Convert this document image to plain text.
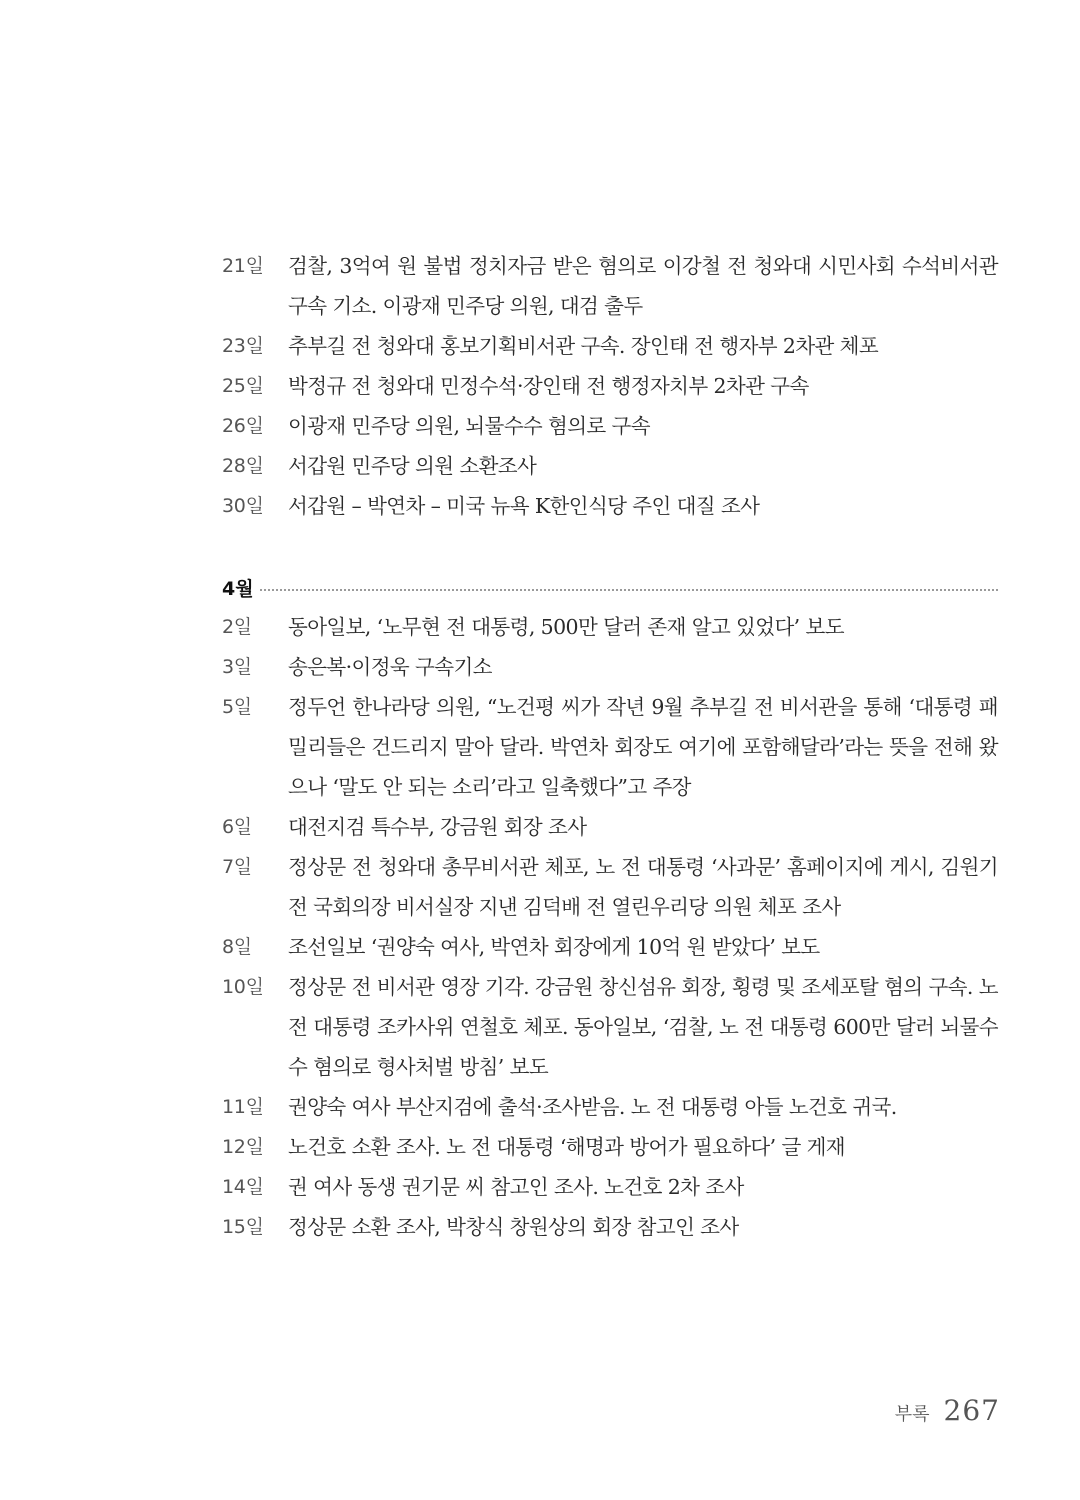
21일	검찰, 3억여 원 불법 정치자금 받은 혐의로 이강철 전 청와대 시민사회 수석비서관 구속 기소. 이광재 민주당 의원, 대검 출두
23일	추부길 전 청와대 홍보기획비서관 구속. 장인태 전 행자부 2차관 체포
25일	박정규 전 청와대 민정수석·장인태 전 행정자치부 2차관 구속
26일	이광재 민주당 의원, 뇌물수수 혐의로 구속
28일	서갑원 민주당 의원 소환조사
30일	서갑원 – 박연차 – 미국 뉴욕 K한인식당 주인 대질 조사
4월
2일	동아일보, ‘노무현 전 대통령, 500만 달러 존재 알고 있었다’ 보도
3일	송은복·이정욱 구속기소
5일	정두언 한나라당 의원, “노건평 씨가 작년 9월 추부길 전 비서관을 통해 ‘대통령 패밀리들은 건드리지 말아 달라. 박연차 회장도 여기에 포함해달라’라는 뜻을 전해 왔으나 ‘말도 안 되는 소리’라고 일축했다”고 주장
6일	대전지검 특수부, 강금원 회장 조사
7일	정상문 전 청와대 총무비서관 체포, 노 전 대통령 ‘사과문’ 홈페이지에 게시, 김원기 전 국회의장 비서실장 지낸 김덕배 전 열린우리당 의원 체포 조사
8일	조선일보 ‘권양숙 여사, 박연차 회장에게 10억 원 받았다’ 보도
10일	정상문 전 비서관 영장 기각. 강금원 창신섬유 회장, 횡령 및 조세포탈 혐의 구속. 노 전 대통령 조카사위 연철호 체포. 동아일보, ‘검찰, 노 전 대통령 600만 달러 뇌물수수 혐의로 형사처벌 방침’ 보도
11일	권양숙 여사 부산지검에 출석·조사받음. 노 전 대통령 아들 노건호 귀국.
12일	노건호 소환 조사. 노 전 대통령 ‘해명과 방어가 필요하다’ 글 게재
14일	권 여사 동생 권기문 씨 참고인 조사. 노건호 2차 조사
15일	정상문 소환 조사, 박창식 창원상의 회장 참고인 조사
부록 267
